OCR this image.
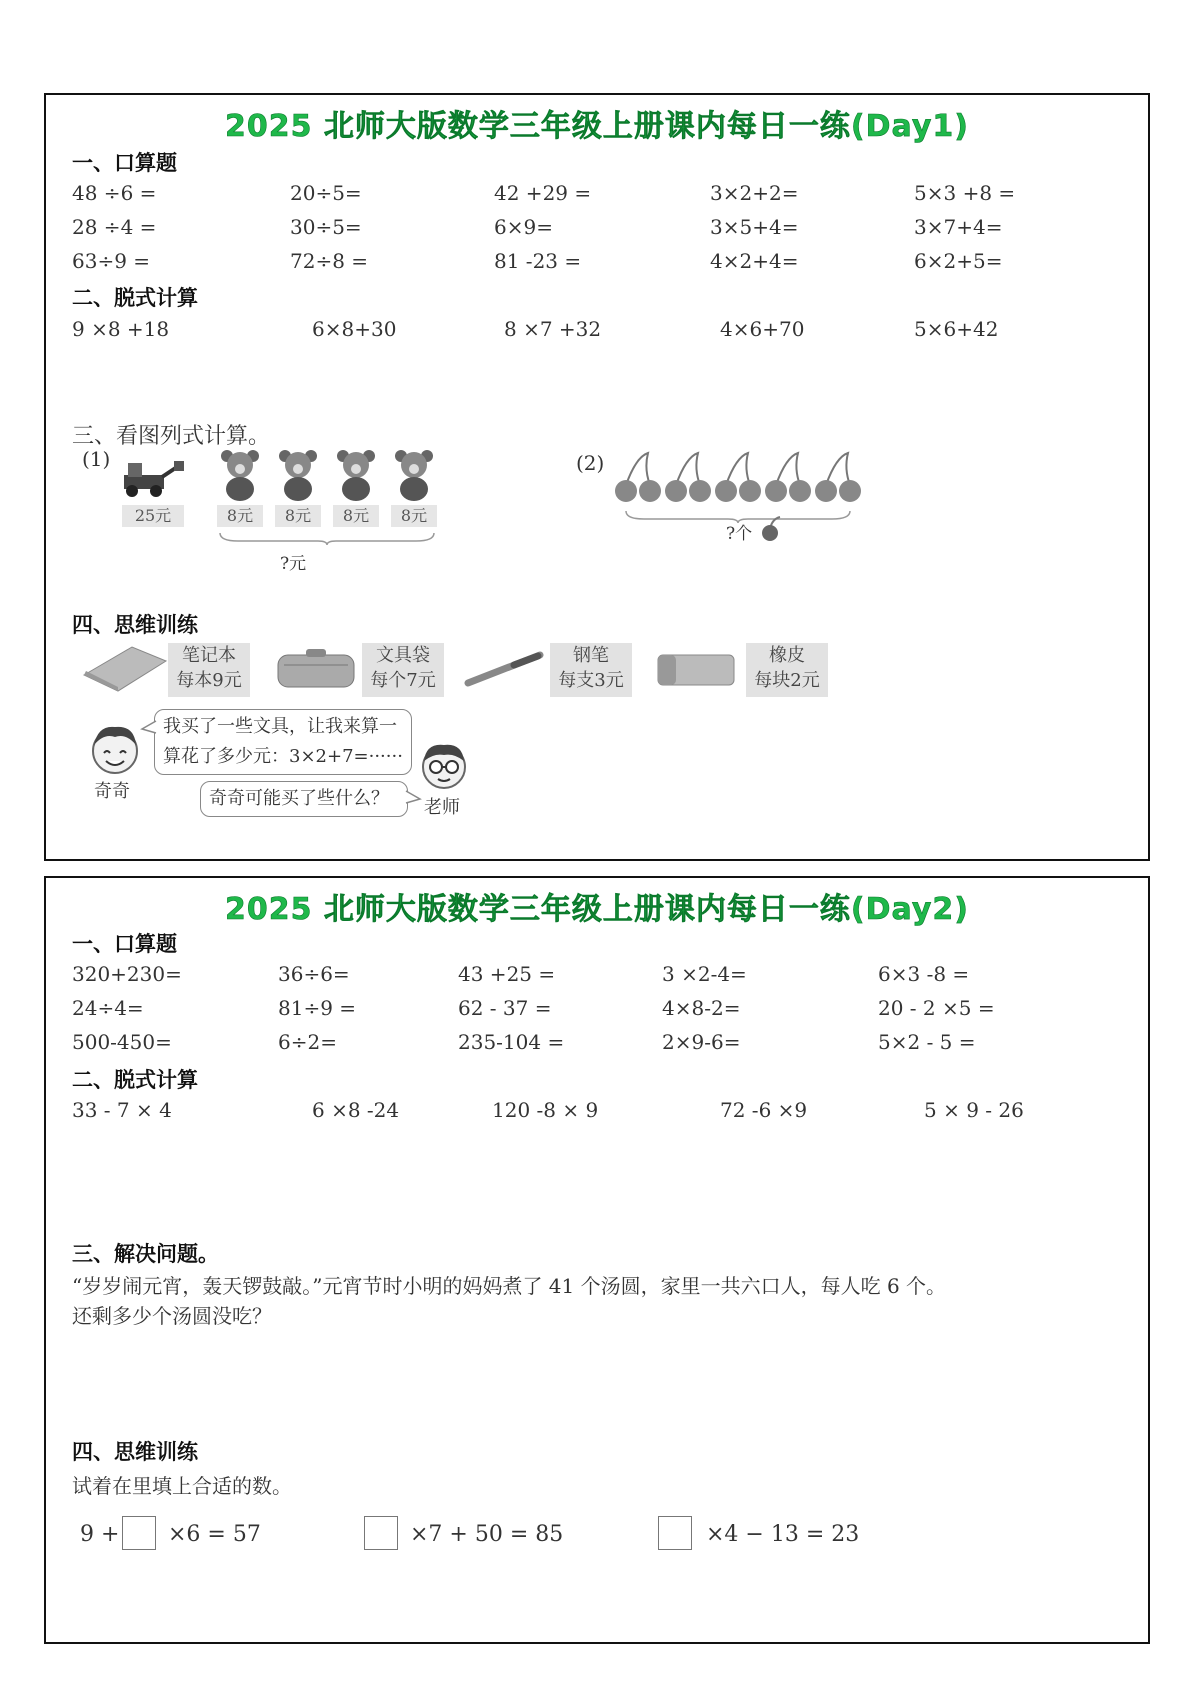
2025 北师大版数学三年级上册课内每日一练(Day1)
一、口算题
48 ÷6 =	20÷5=	42 +29 =	3×2+2=	5×3 +8 =
28 ÷4 =	30÷5=	6×9=	3×5+4=	3×7+4=
63÷9 =	72÷8 =	81 -23 =	4×2+4=	6×2+5=
二、脱式计算
9 ×8 +18	6×8+30	8 ×7 +32	4×6+70	5×6+42
三、看图列式计算。
(1)
25元	8元	8元	8元	8元
?元
(2)
?个
四、思维训练
笔记本
每本9元
文具袋
每个7元
钢笔
每支3元
橡皮
每块2元
奇奇
我买了一些文具，让我来算一
算花了多少元：3×2+7=······
奇奇可能买了些什么？	老师
2025 北师大版数学三年级上册课内每日一练(Day2)
一、口算题
320+230=	36÷6=	43 +25 =	3 ×2-4=	6×3 -8 =
24÷4=	81÷9 =	62 - 37 =	4×8-2=	20 - 2 ×5 =
500-450=	6÷2=	235-104 =	2×9-6=	5×2 - 5 =
二、脱式计算
33 - 7 × 4	6 ×8 -24	120 -8 × 9	72 -6 ×9	5 × 9 - 26
三、解决问题。
“岁岁闹元宵，轰天锣鼓敲。”元宵节时小明的妈妈煮了 41 个汤圆，家里一共六口人，每人吃 6 个。
还剩多少个汤圆没吃？
四、思维训练
试着在里填上合适的数。
9 + ×6 = 57	×7 + 50 = 85	×4 − 13 = 23
